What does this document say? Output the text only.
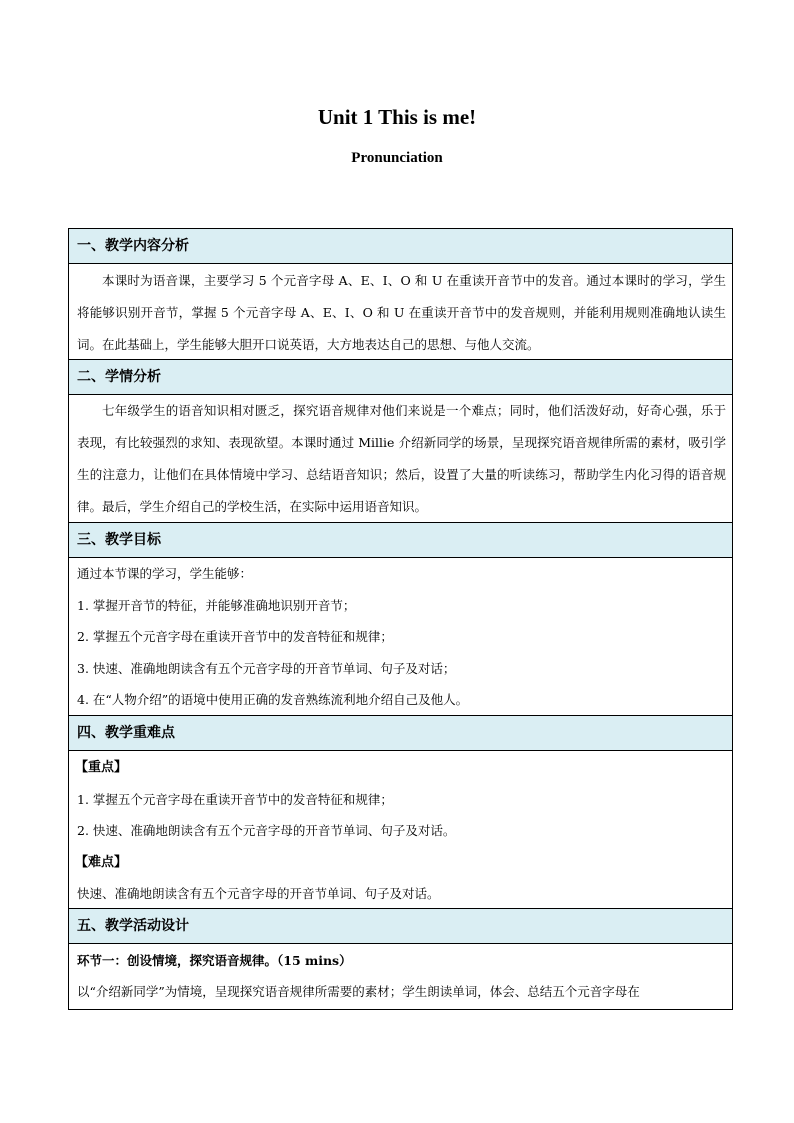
Unit 1 This is me!
Pronunciation
一、教学内容分析

本课时为语音课，主要学习 5 个元音字母 A、E、I、O 和 U 在重读开音节中的发音。通过本课时的学习，学生将能够识别开音节，掌握 5 个元音字母 A、E、I、O 和 U 在重读开音节中的发音规则，并能利用规则准确地认读生词。在此基础上，学生能够大胆开口说英语，大方地表达自己的思想、与他人交流。

二、学情分析

七年级学生的语音知识相对匮乏，探究语音规律对他们来说是一个难点；同时，他们活泼好动，好奇心强，乐于表现，有比较强烈的求知、表现欲望。本课时通过 Millie 介绍新同学的场景，呈现探究语音规律所需的素材，吸引学生的注意力，让他们在具体情境中学习、总结语音知识；然后，设置了大量的听读练习，帮助学生内化习得的语音规律。最后，学生介绍自己的学校生活，在实际中运用语音知识。

三、教学目标

通过本节课的学习，学生能够：

1. 掌握开音节的特征，并能够准确地识别开音节；

2. 掌握五个元音字母在重读开音节中的发音特征和规律；

3. 快速、准确地朗读含有五个元音字母的开音节单词、句子及对话；

4. 在“人物介绍”的语境中使用正确的发音熟练流利地介绍自己及他人。

四、教学重难点

【重点】

1. 掌握五个元音字母在重读开音节中的发音特征和规律；

2. 快速、准确地朗读含有五个元音字母的开音节单词、句子及对话。

【难点】

快速、准确地朗读含有五个元音字母的开音节单词、句子及对话。

五、教学活动设计

环节一：创设情境，探究语音规律。（15 mins）

以“介绍新同学”为情境，呈现探究语音规律所需要的素材；学生朗读单词，体会、总结五个元音字母在
